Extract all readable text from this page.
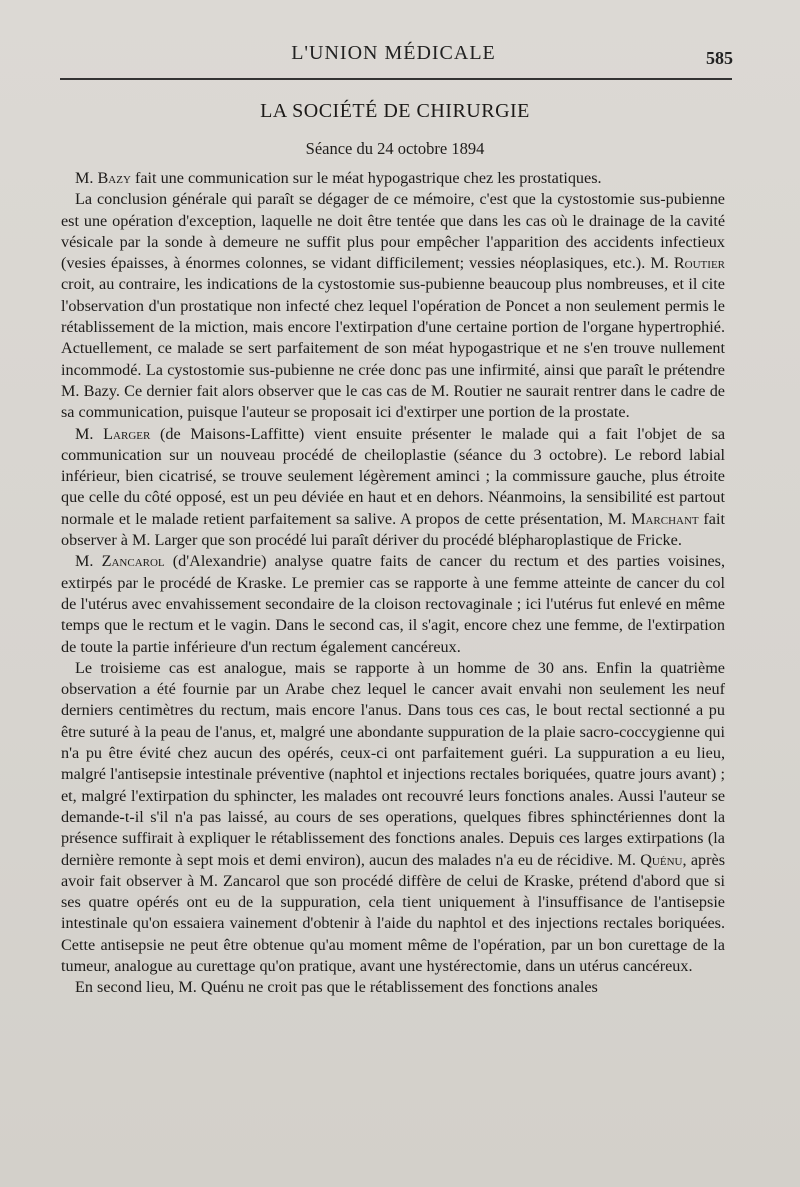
L'UNION MÉDICALE	585
LA SOCIÉTÉ DE CHIRURGIE
Séance du 24 octobre 1894

M. Bazy fait une communication sur le méat hypogastrique chez les prostatiques.

La conclusion générale qui paraît se dégager de ce mémoire, c'est que la cystostomie sus-pubienne est une opération d'exception, laquelle ne doit être tentée que dans les cas où le drainage de la cavité vésicale par la sonde à demeure ne suffit plus pour empêcher l'apparition des accidents infectieux (vesies épaisses, à énormes colonnes, se vidant difficilement; vessies néoplasiques, etc.). M. Routier croit, au contraire, les indications de la cystostomie sus-pubienne beaucoup plus nombreuses, et il cite l'observation d'un prostatique non infecté chez lequel l'opération de Poncet a non seulement permis le rétablissement de la miction, mais encore l'extirpation d'une certaine portion de l'organe hypertrophié. Actuellement, ce malade se sert parfaitement de son méat hypogastrique et ne s'en trouve nullement incommodé. La cystostomie sus-pubienne ne crée donc pas une infirmité, ainsi que paraît le prétendre M. Bazy. Ce dernier fait alors observer que le cas cas de M. Routier ne saurait rentrer dans le cadre de sa communication, puisque l'auteur se proposait ici d'extirper une portion de la prostate.

M. Larger (de Maisons-Laffitte) vient ensuite présenter le malade qui a fait l'objet de sa communication sur un nouveau procédé de cheiloplastie (séance du 3 octobre). Le rebord labial inférieur, bien cicatrisé, se trouve seulement légèrement aminci ; la commissure gauche, plus étroite que celle du côté opposé, est un peu déviée en haut et en dehors. Néanmoins, la sensibilité est partout normale et le malade retient parfaitement sa salive. A propos de cette présentation, M. Marchant fait observer à M. Larger que son procédé lui paraît dériver du procédé blépharoplastique de Fricke.

M. Zancarol (d'Alexandrie) analyse quatre faits de cancer du rectum et des parties voisines, extirpés par le procédé de Kraske. Le premier cas se rapporte à une femme atteinte de cancer du col de l'utérus avec envahissement secondaire de la cloison rectovaginale ; ici l'utérus fut enlevé en même temps que le rectum et le vagin. Dans le second cas, il s'agit, encore chez une femme, de l'extirpation de toute la partie inférieure d'un rectum également cancéreux.

Le troisieme cas est analogue, mais se rapporte à un homme de 30 ans. Enfin la quatrième observation a été fournie par un Arabe chez lequel le cancer avait envahi non seulement les neuf derniers centimètres du rectum, mais encore l'anus. Dans tous ces cas, le bout rectal sectionné a pu être suturé à la peau de l'anus, et, malgré une abondante suppuration de la plaie sacro-coccygienne qui n'a pu être évité chez aucun des opérés, ceux-ci ont parfaitement guéri. La suppuration a eu lieu, malgré l'antisepsie intestinale préventive (naphtol et injections rectales boriquées, quatre jours avant) ; et, malgré l'extirpation du sphincter, les malades ont recouvré leurs fonctions anales. Aussi l'auteur se demande-t-il s'il n'a pas laissé, au cours de ses operations, quelques fibres sphinctériennes dont la présence suffirait à expliquer le rétablissement des fonctions anales. Depuis ces larges extirpations (la dernière remonte à sept mois et demi environ), aucun des malades n'a eu de récidive. M. Quénu, après avoir fait observer à M. Zancarol que son procédé diffère de celui de Kraske, prétend d'abord que si ses quatre opérés ont eu de la suppuration, cela tient uniquement à l'insuffisance de l'antisepsie intestinale qu'on essaiera vainement d'obtenir à l'aide du naphtol et des injections rectales boriquées. Cette antisepsie ne peut être obtenue qu'au moment même de l'opération, par un bon curettage de la tumeur, analogue au curettage qu'on pratique, avant une hystérectomie, dans un utérus cancéreux.

En second lieu, M. Quénu ne croit pas que le rétablissement des fonctions anales
